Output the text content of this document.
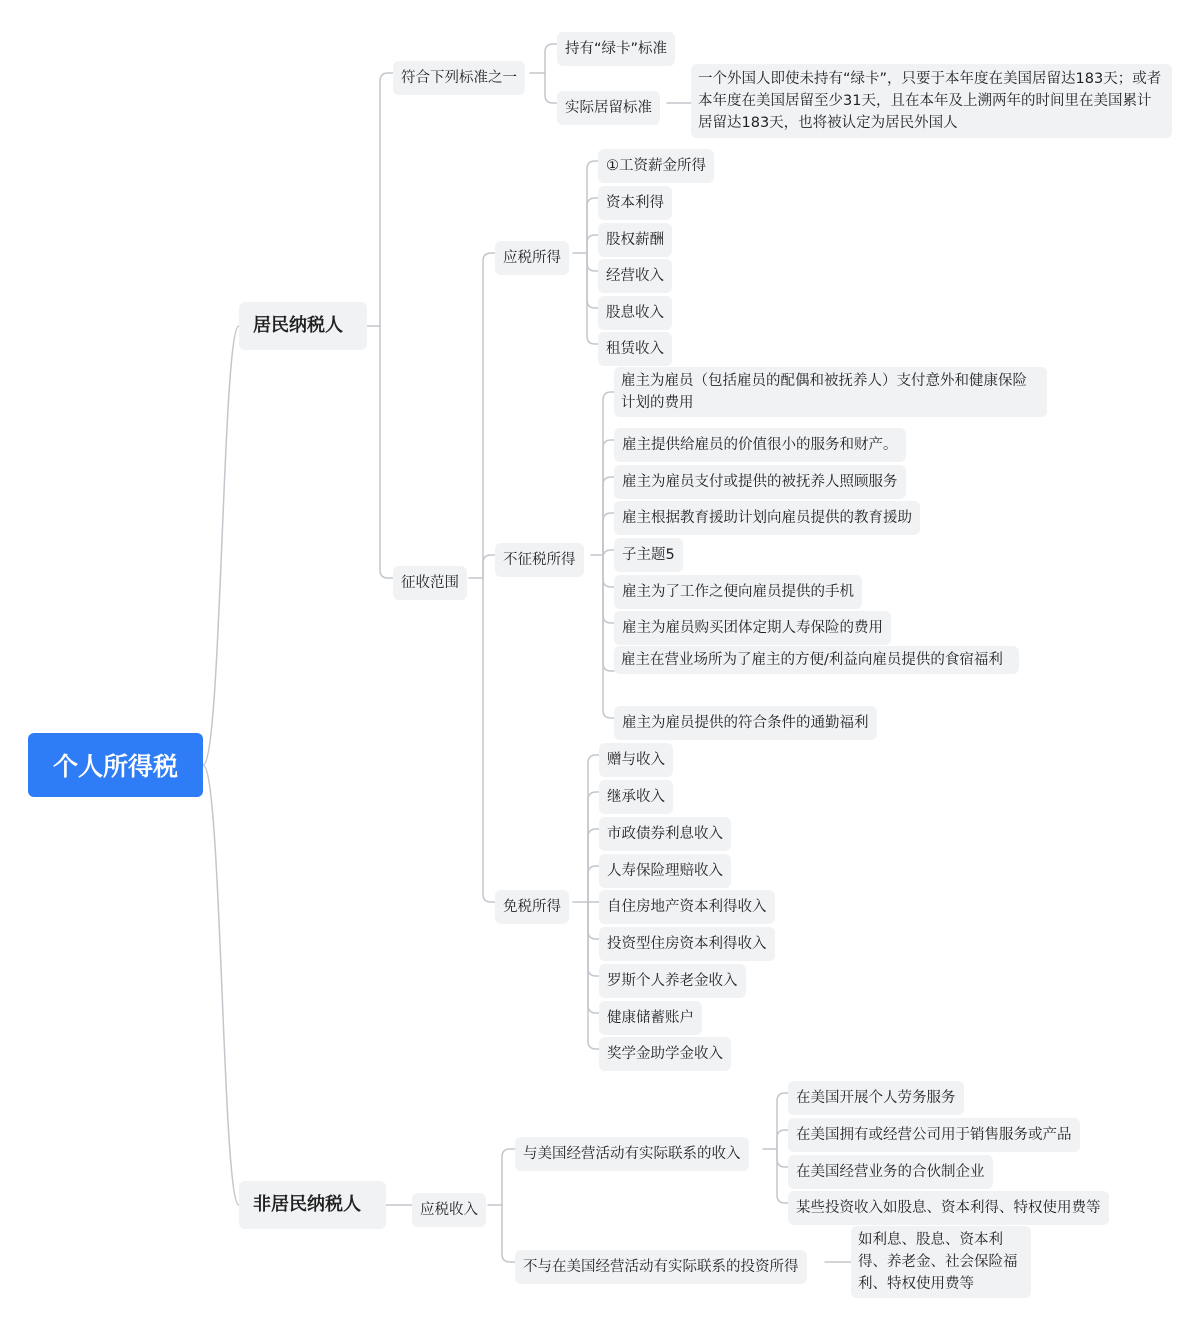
个人所得税
居民纳税人
非居民纳税人
符合下列标准之一
持有“绿卡”标准
实际居留标准
一个外国人即使未持有“绿卡”，只要于本年度在美国居留达183天；或者本年度在美国居留至少31天，且在本年及上溯两年的时间里在美国累计居留达183天，也将被认定为居民外国人
征收范围
应税所得
不征税所得
免税所得
①工资薪金所得
资本利得
股权薪酬
经营收入
股息收入
租赁收入
雇主为雇员（包括雇员的配偶和被抚养人）支付意外和健康保险计划的费用
雇主提供给雇员的价值很小的服务和财产。
雇主为雇员支付或提供的被抚养人照顾服务
雇主根据教育援助计划向雇员提供的教育援助
子主题5
雇主为了工作之便向雇员提供的手机
雇主为雇员购买团体定期人寿保险的费用
雇主在营业场所为了雇主的方便/利益向雇员提供的食宿福利
雇主为雇员提供的符合条件的通勤福利
赠与收入
继承收入
市政债券利息收入
人寿保险理赔收入
自住房地产资本利得收入
投资型住房资本利得收入
罗斯个人养老金收入
健康储蓄账户
奖学金助学金收入
应税收入
与美国经营活动有实际联系的收入
不与在美国经营活动有实际联系的投资所得
在美国开展个人劳务服务
在美国拥有或经营公司用于销售服务或产品
在美国经营业务的合伙制企业
某些投资收入如股息、资本利得、特权使用费等
如利息、股息、资本利得、养老金、社会保险福利、特权使用费等
